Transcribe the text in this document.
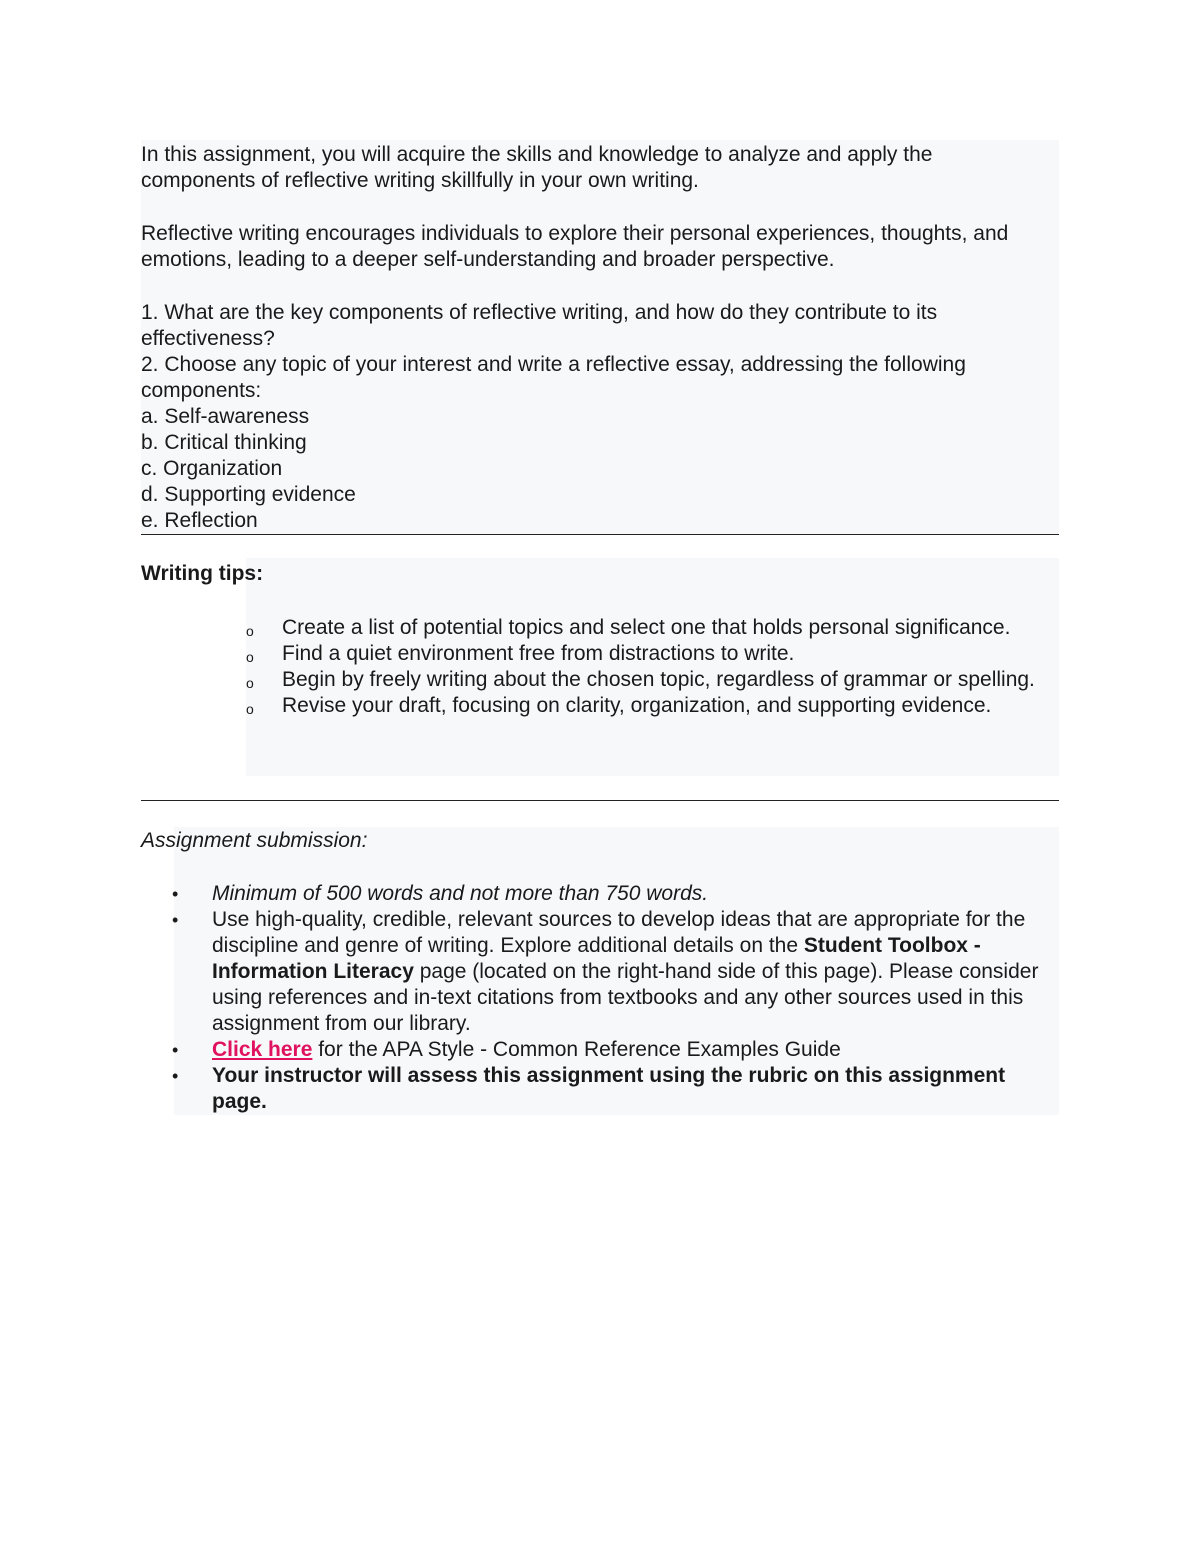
In this assignment, you will acquire the skills and knowledge to analyze and apply the components of reflective writing skillfully in your own writing.

Reflective writing encourages individuals to explore their personal experiences, thoughts, and emotions, leading to a deeper self-understanding and broader perspective.

1. What are the key components of reflective writing, and how do they contribute to its effectiveness?

2. Choose any topic of your interest and write a reflective essay, addressing the following components:

a. Self-awareness

b. Critical thinking

c. Organization

d. Supporting evidence

e. Reflection

Writing tips:
o Create a list of potential topics and select one that holds personal significance.
o Find a quiet environment free from distractions to write.
o Begin by freely writing about the chosen topic, regardless of grammar or spelling.
o Revise your draft, focusing on clarity, organization, and supporting evidence.
Assignment submission:
• Minimum of 500 words and not more than 750 words.
• Use high-quality, credible, relevant sources to develop ideas that are appropriate for the discipline and genre of writing. Explore additional details on the Student Toolbox - Information Literacy page (located on the right-hand side of this page). Please consider using references and in-text citations from textbooks and any other sources used in this assignment from our library.
• Click here for the APA Style - Common Reference Examples Guide
• Your instructor will assess this assignment using the rubric on this assignment page.
